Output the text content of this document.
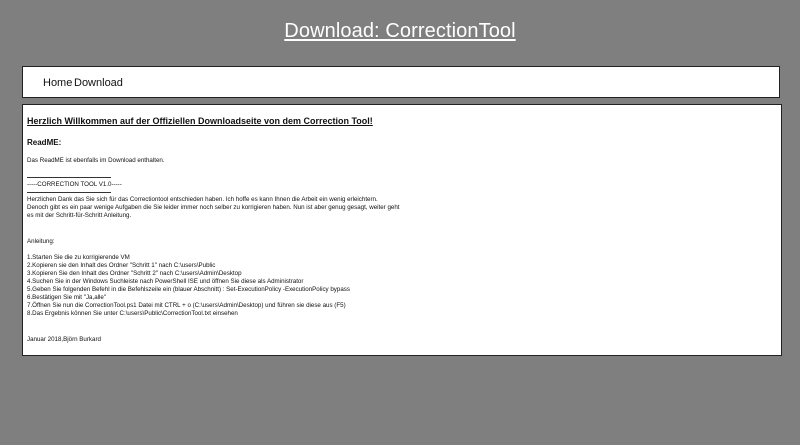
Download: CorrectionTool
Home Download

Herzlich Willkommen auf der Offiziellen Downloadseite von dem Correction Tool!

ReadME:

Das ReadME ist ebenfalls im Download enthalten.

-----CORRECTION TOOL V1.0-----

Herzlichen Dank das Sie sich für das Correctiontool entschieden haben. Ich hoffe es kann Ihnen die Arbeit ein wenig erleichtern.

Denoch gibt es ein paar wenige Aufgaben die Sie leider immer noch selber zu korrigieren haben. Nun ist aber genug gesagt, weiter geht

es mit der Schritt-für-Schritt Anleitung.

Anleitung:

1.Starten Sie die zu korrigierende VM

2.Kopieren sie den Inhalt des Ordner "Schritt 1" nach C:\users\Public

3.Kopieren Sie den Inhalt des Ordner "Schritt 2" nach C:\users\Admin\Desktop

4.Suchen Sie in der Windows Suchleiste nach PowerShell ISE und öffnen Sie diese als Administrator

5.Geben Sie folgenden Befehl in die Befehlszeile ein (blauer Abschnitt) : Set-ExecutionPolicy -ExecutionPolicy bypass

6.Bestätigen Sie mit "Ja,alle"

7.Öffnen Sie nun die CorrectionTool.ps1 Datei mit CTRL + o (C:\users\Admin\Desktop) und führen sie diese aus (F5)

8.Das Ergebnis können Sie unter C:\users\Public\CorrectionTool.txt einsehen

Januar 2018,Björn Burkard
